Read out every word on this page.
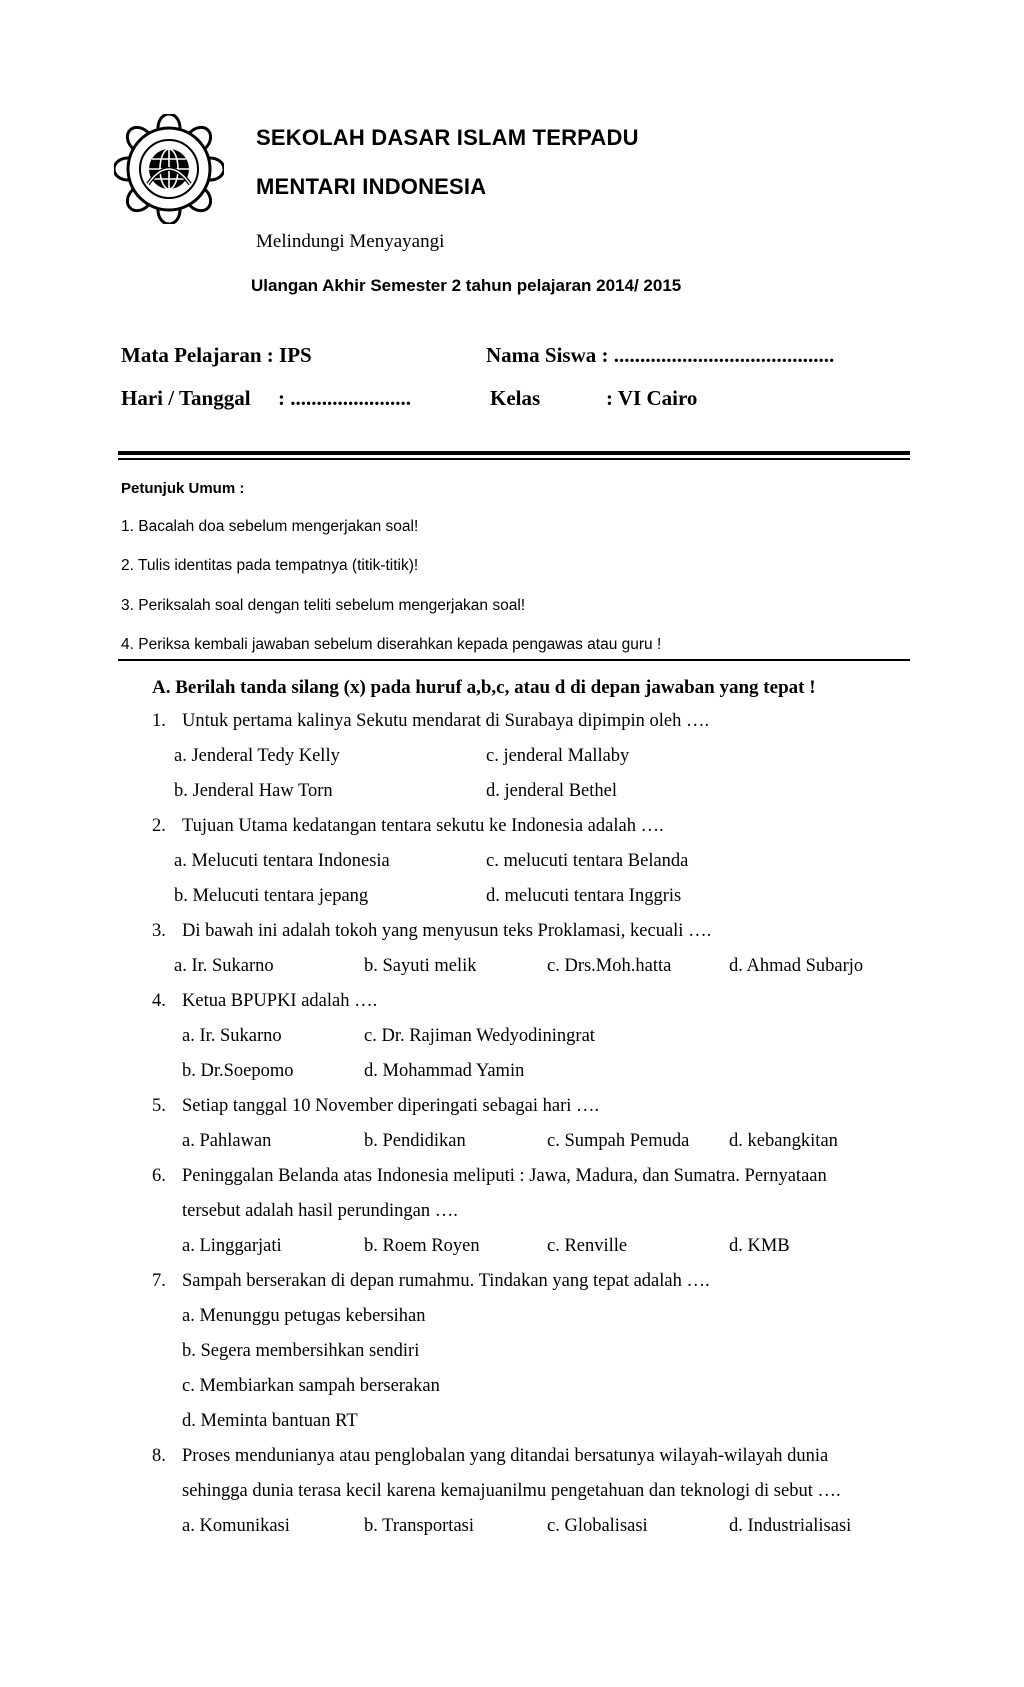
SEKOLAH DASAR ISLAM TERPADU
MENTARI INDONESIA
Melindungi Menyayangi
Ulangan Akhir Semester 2 tahun pelajaran 2014/ 2015
Mata Pelajaran : IPS	Nama Siswa : ..........................................
Hari / Tanggal : .......................	Kelas	: VI Cairo
Petunjuk Umum :
1. Bacalah doa sebelum mengerjakan soal!
2. Tulis identitas pada tempatnya (titik-titik)!
3. Periksalah soal dengan teliti sebelum mengerjakan soal!
4. Periksa kembali jawaban sebelum diserahkan kepada pengawas atau guru !
A. Berilah tanda silang (x) pada huruf a,b,c, atau d di depan jawaban yang tepat !
1. Untuk pertama kalinya Sekutu mendarat di Surabaya dipimpin oleh ….
a. Jenderal Tedy Kelly	c. jenderal Mallaby
b. Jenderal Haw Torn	d. jenderal Bethel
2. Tujuan Utama kedatangan tentara sekutu ke Indonesia adalah ….
a. Melucuti tentara Indonesia	c. melucuti tentara Belanda
b. Melucuti tentara jepang	d. melucuti tentara Inggris
3. Di bawah ini adalah tokoh yang menyusun teks Proklamasi, kecuali ….
a. Ir. Sukarno	b. Sayuti melik	c. Drs.Moh.hatta	d. Ahmad Subarjo
4. Ketua BPUPKI adalah ….
a. Ir. Sukarno	c. Dr. Rajiman Wedyodiningrat
b. Dr.Soepomo	d. Mohammad Yamin
5. Setiap tanggal 10 November diperingati sebagai hari ….
a. Pahlawan	b. Pendidikan	c. Sumpah Pemuda d. kebangkitan
6. Peninggalan Belanda atas Indonesia meliputi : Jawa, Madura, dan Sumatra. Pernyataan
tersebut adalah hasil perundingan ….
a. Linggarjati	b. Roem Royen	c. Renville	d. KMB
7. Sampah berserakan di depan rumahmu. Tindakan yang tepat adalah ….
a. Menunggu petugas kebersihan
b. Segera membersihkan sendiri
c. Membiarkan sampah berserakan
d. Meminta bantuan RT
8. Proses mendunianya atau penglobalan yang ditandai bersatunya wilayah-wilayah dunia
sehingga dunia terasa kecil karena kemajuanilmu pengetahuan dan teknologi di sebut ….
a. Komunikasi	b. Transportasi	c. Globalisasi	d. Industrialisasi
